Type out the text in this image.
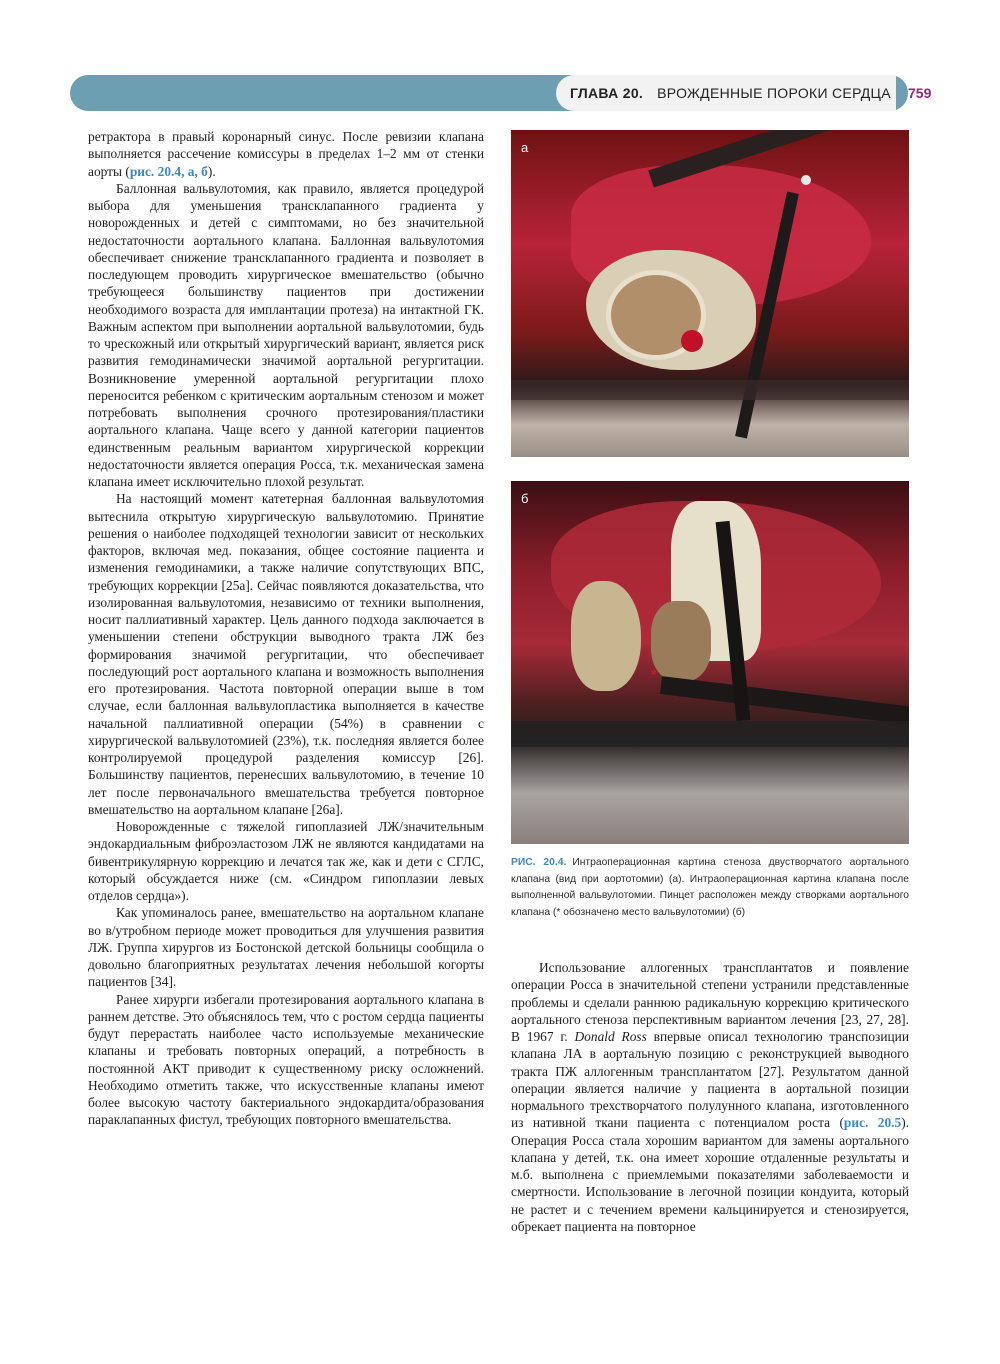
ГЛАВА 20. ВРОЖДЕННЫЕ ПОРОКИ СЕРДЦА 759

ретрактора в правый коронарный синус. После ревизии клапана выполняется рассечение комиссуры в пределах 1–2 мм от стенки аорты (рис. 20.4, а, б).

Баллонная вальвулотомия, как правило, является процедурой выбора для уменьшения трансклапанного градиента у новорожденных и детей с симптомами, но без значительной недостаточности аортального клапана. Баллонная вальвулотомия обеспечивает снижение трансклапанного градиента и позволяет в последующем проводить хирургическое вмешательство (обычно требующееся большинству пациентов при достижении необходимого возраста для имплантации протеза) на интактной ГК. Важным аспектом при выполнении аортальной вальвулотомии, будь то чрескожный или открытый хирургический вариант, является риск развития гемодинамически значимой аортальной регургитации. Возникновение умеренной аортальной регургитации плохо переносится ребенком с критическим аортальным стенозом и может потребовать выполнения срочного протезирования/пластики аортального клапана. Чаще всего у данной категории пациентов единственным реальным вариантом хирургической коррекции недостаточности является операция Росса, т.к. механическая замена клапана имеет исключительно плохой результат.

На настоящий момент катетерная баллонная вальвулотомия вытеснила открытую хирургическую вальвулотомию. Принятие решения о наиболее подходящей технологии зависит от нескольких факторов, включая мед. показания, общее состояние пациента и изменения гемодинамики, а также наличие сопутствующих ВПС, требующих коррекции [25а]. Сейчас появляются доказательства, что изолированная вальвулотомия, независимо от техники выполнения, носит паллиативный характер. Цель данного подхода заключается в уменьшении степени обструкции выводного тракта ЛЖ без формирования значимой регургитации, что обеспечивает последующий рост аортального клапана и возможность выполнения его протезирования. Частота повторной операции выше в том случае, если баллонная вальвулопластика выполняется в качестве начальной паллиативной операции (54%) в сравнении с хирургической вальвулотомией (23%), т.к. последняя является более контролируемой процедурой разделения комиссур [26]. Большинству пациентов, перенесших вальвулотомию, в течение 10 лет после первоначального вмешательства требуется повторное вмешательство на аортальном клапане [26а].

Новорожденные с тяжелой гипоплазией ЛЖ/значительным эндокардиальным фиброэластозом ЛЖ не являются кандидатами на бивентрикулярную коррекцию и лечатся так же, как и дети с СГЛС, который обсуждается ниже (см. «Синдром гипоплазии левых отделов сердца»).

Как упоминалось ранее, вмешательство на аортальном клапане во в/утробном периоде может проводиться для улучшения развития ЛЖ. Группа хирургов из Бостонской детской больницы сообщила о довольно благоприятных результатах лечения небольшой когорты пациентов [34].

Ранее хирурги избегали протезирования аортального клапана в раннем детстве. Это объяснялось тем, что с ростом сердца пациенты будут перерастать наиболее часто используемые механические клапаны и требовать повторных операций, а потребность в постоянной АКТ приводит к существенному риску осложнений. Необходимо отметить также, что искусственные клапаны имеют более высокую частоту бактериального эндокардита/образования параклапанных фистул, требующих повторного вмешательства.

а
*
б
РИС. 20.4. Интраоперационная картина стеноза двустворчатого аортального клапана (вид при аортотомии) (а). Интраоперационная картина клапана после выполненной вальвулотомии. Пинцет расположен между створками аортального клапана (* обозначено место вальвулотомии) (б)

Использование аллогенных трансплантатов и появление операции Росса в значительной степени устранили представленные проблемы и сделали раннюю радикальную коррекцию критического аортального стеноза перспективным вариантом лечения [23, 27, 28]. В 1967 г. Donald Ross впервые описал технологию транспозиции клапана ЛА в аортальную позицию с реконструкцией выводного тракта ПЖ аллогенным трансплантатом [27]. Результатом данной операции является наличие у пациента в аортальной позиции нормального трехстворчатого полулунного клапана, изготовленного из нативной ткани пациента с потенциалом роста (рис. 20.5). Операция Росса стала хорошим вариантом для замены аортального клапана у детей, т.к. она имеет хорошие отдаленные результаты и м.б. выполнена с приемлемыми показателями заболеваемости и смертности. Использование в легочной позиции кондуита, который не растет и с течением времени кальцинируется и стенозируется, обрекает пациента на повторное
